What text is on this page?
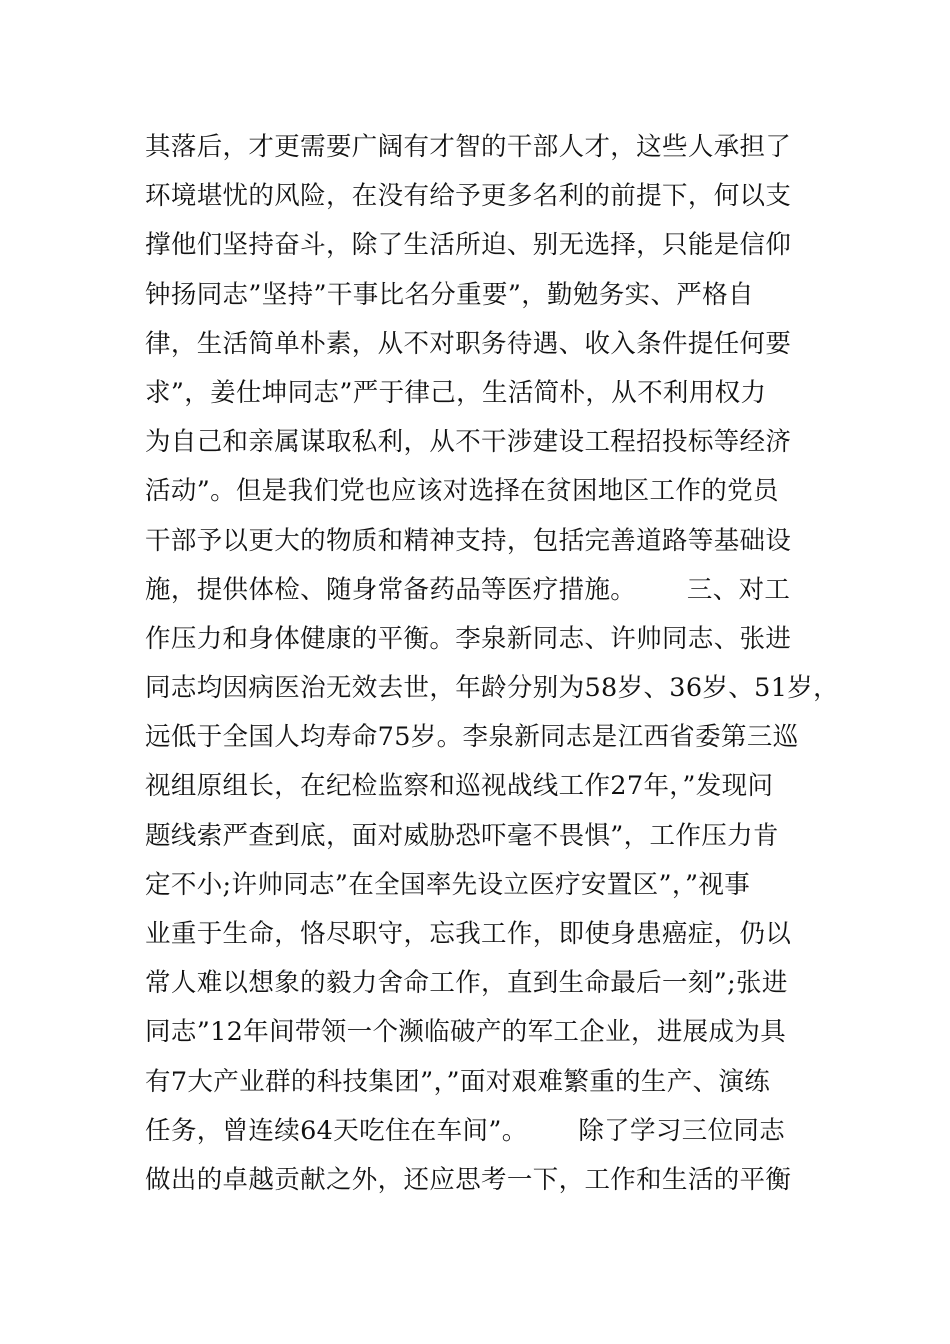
其落后，才更需要广阔有才智的干部人才，这些人承担了
环境堪忧的风险，在没有给予更多名利的前提下，何以支
撑他们坚持奋斗，除了生活所迫、别无选择，只能是信仰
钟扬同志”坚持”干事比名分重要”，勤勉务实、严格自
律，生活简单朴素，从不对职务待遇、收入条件提任何要
求”，姜仕坤同志”严于律己，生活简朴，从不利用权力
为自己和亲属谋取私利，从不干涉建设工程招投标等经济
活动”。但是我们党也应该对选择在贫困地区工作的党员
干部予以更大的物质和精神支持，包括完善道路等基础设
施，提供体检、随身常备药品等医疗措施。      三、对工
作压力和身体健康的平衡。李泉新同志、许帅同志、张进
同志均因病医治无效去世，年龄分别为58岁、36岁、51岁，
远低于全国人均寿命75岁。李泉新同志是江西省委第三巡
视组原组长，在纪检监察和巡视战线工作27年，”发现问
题线索严查到底，面对威胁恐吓毫不畏惧”，工作压力肯
定不小;许帅同志”在全国率先设立医疗安置区”，”视事
业重于生命，恪尽职守，忘我工作，即使身患癌症，仍以
常人难以想象的毅力舍命工作，直到生命最后一刻”;张进
同志”12年间带领一个濒临破产的军工企业，进展成为具
有7大产业群的科技集团”，”面对艰难繁重的生产、演练
任务，曾连续64天吃住在车间”。      除了学习三位同志
做出的卓越贡献之外，还应思考一下，工作和生活的平衡
